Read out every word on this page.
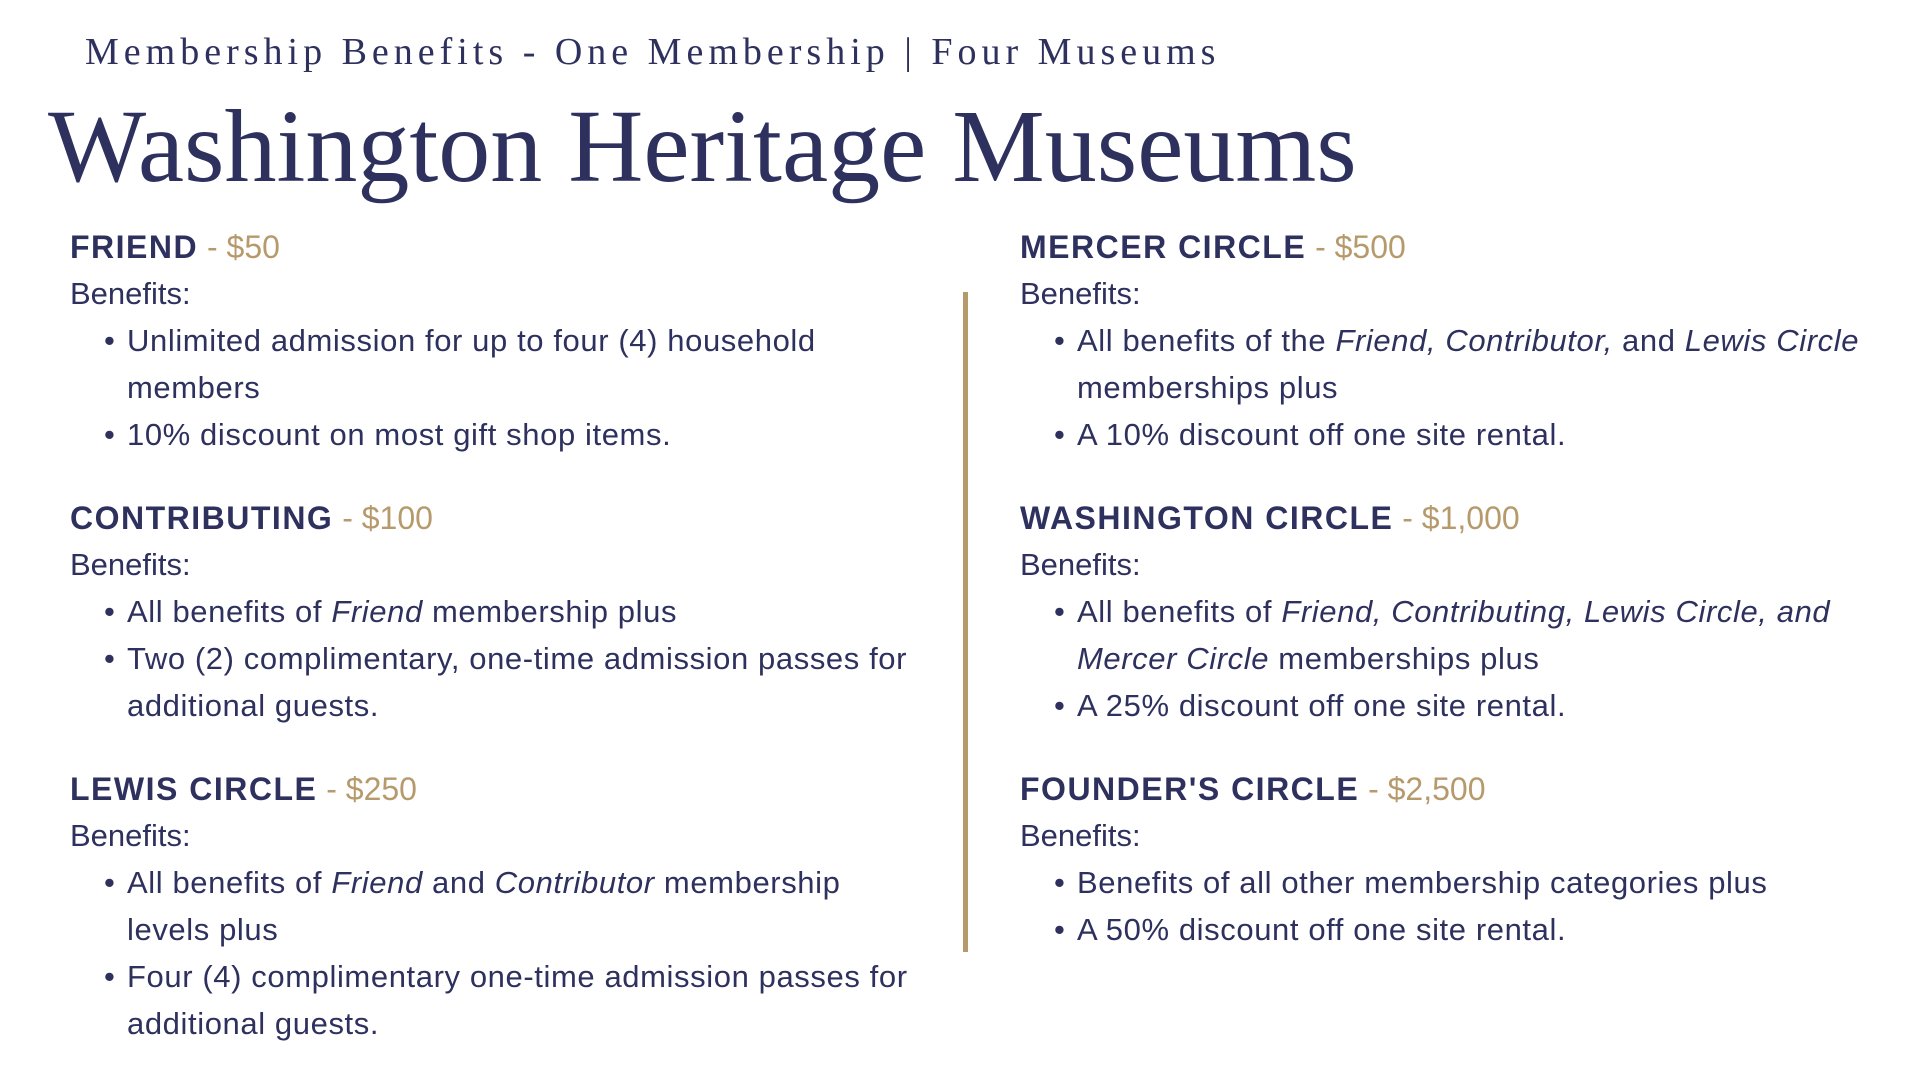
Membership Benefits - One Membership | Four Museums
Washington Heritage Museums
FRIEND - $50
Benefits:
• Unlimited admission for up to four (4) household members
• 10% discount on most gift shop items.
CONTRIBUTING - $100
Benefits:
• All benefits of Friend membership plus
• Two (2) complimentary, one-time admission passes for additional guests.
LEWIS CIRCLE - $250
Benefits:
• All benefits of Friend and Contributor membership levels plus
• Four (4) complimentary one-time admission passes for additional guests.
MERCER CIRCLE - $500
Benefits:
• All benefits of the Friend, Contributor, and Lewis Circle memberships plus
• A 10% discount off one site rental.
WASHINGTON CIRCLE - $1,000
Benefits:
• All benefits of Friend, Contributing, Lewis Circle, and Mercer Circle memberships plus
• A 25% discount off one site rental.
FOUNDER'S CIRCLE - $2,500
Benefits:
• Benefits of all other membership categories plus
• A 50% discount off one site rental.
